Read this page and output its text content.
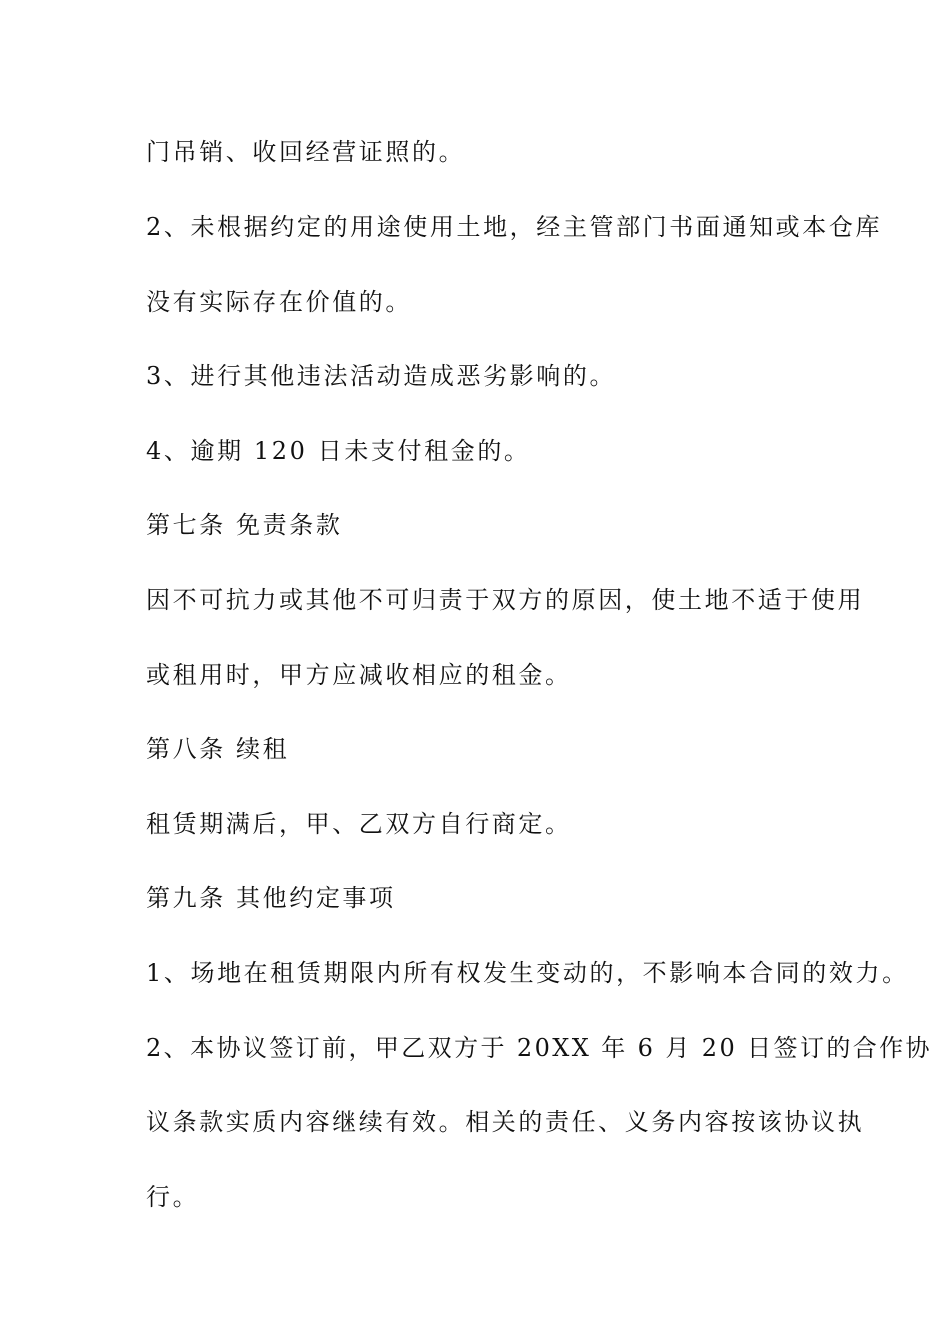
门吊销、收回经营证照的。
2、未根据约定的用途使用土地，经主管部门书面通知或本仓库
没有实际存在价值的。
3、进行其他违法活动造成恶劣影响的。
4、逾期 120 日未支付租金的。
第七条 免责条款
因不可抗力或其他不可归责于双方的原因，使土地不适于使用
或租用时，甲方应减收相应的租金。
第八条 续租
租赁期满后，甲、乙双方自行商定。
第九条 其他约定事项
1、场地在租赁期限内所有权发生变动的，不影响本合同的效力。
2、本协议签订前，甲乙双方于 20XX 年 6 月 20 日签订的合作协
议条款实质内容继续有效。相关的责任、义务内容按该协议执
行。
